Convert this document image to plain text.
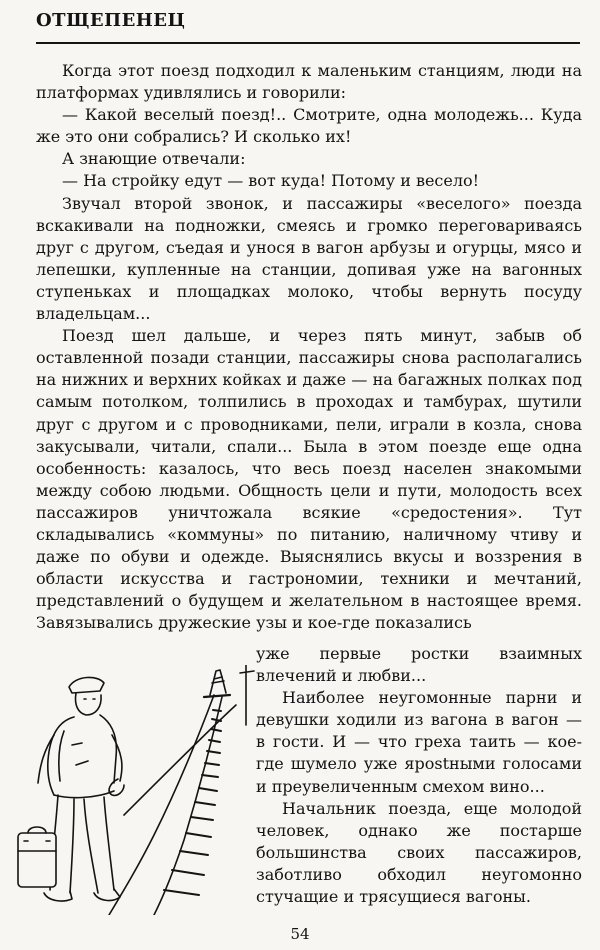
ОТЩЕПЕНЕЦ

Когда этот поезд подходил к маленьким станциям, люди на платформах удивлялись и говорили:

— Какой веселый поезд!.. Смотрите, одна молодежь... Куда же это они собрались? И сколько их!

А знающие отвечали:

— На стройку едут — вот куда! Потому и весело!

Звучал второй звонок, и пассажиры «веселого» поезда вскакивали на подножки, смеясь и громко переговариваясь друг с другом, съедая и унося в вагон арбузы и огурцы, мясо и лепешки, купленные на станции, допивая уже на вагонных ступеньках и площадках молоко, чтобы вернуть посуду владельцам...

Поезд шел дальше, и через пять минут, забыв об оставленной позади станции, пассажиры снова располагались на нижних и верхних койках и даже — на багажных полках под самым потолком, толпились в проходах и тамбурах, шутили друг с другом и с проводниками, пели, играли в козла, снова закусывали, читали, спали... Была в этом поезде еще одна особенность: казалось, что весь поезд населен знакомыми между собою людьми. Общность цели и пути, молодость всех пассажиров уничтожала всякие «средостения». Тут складывались «коммуны» по питанию, наличному чтиву и даже по обуви и одежде. Выяснялись вкусы и воззрения в области искусства и гастрономии, техники и мечтаний, представлений о будущем и желательном в настоящее время. Завязывались дружеские узы и кое-где показались

уже первые ростки взаимных влечений и любви...

Наиболее неугомонные парни и девушки ходили из вагона в вагон — в гости. И — что греха таить — кое-где шумело уже ярostными голосами и преувеличенным смехом вино...

Начальник поезда, еще молодой человек, однако же постарше большинства своих пассажиров, заботливо обходил неугомонно стучащие и трясущиеся вагоны.

54
